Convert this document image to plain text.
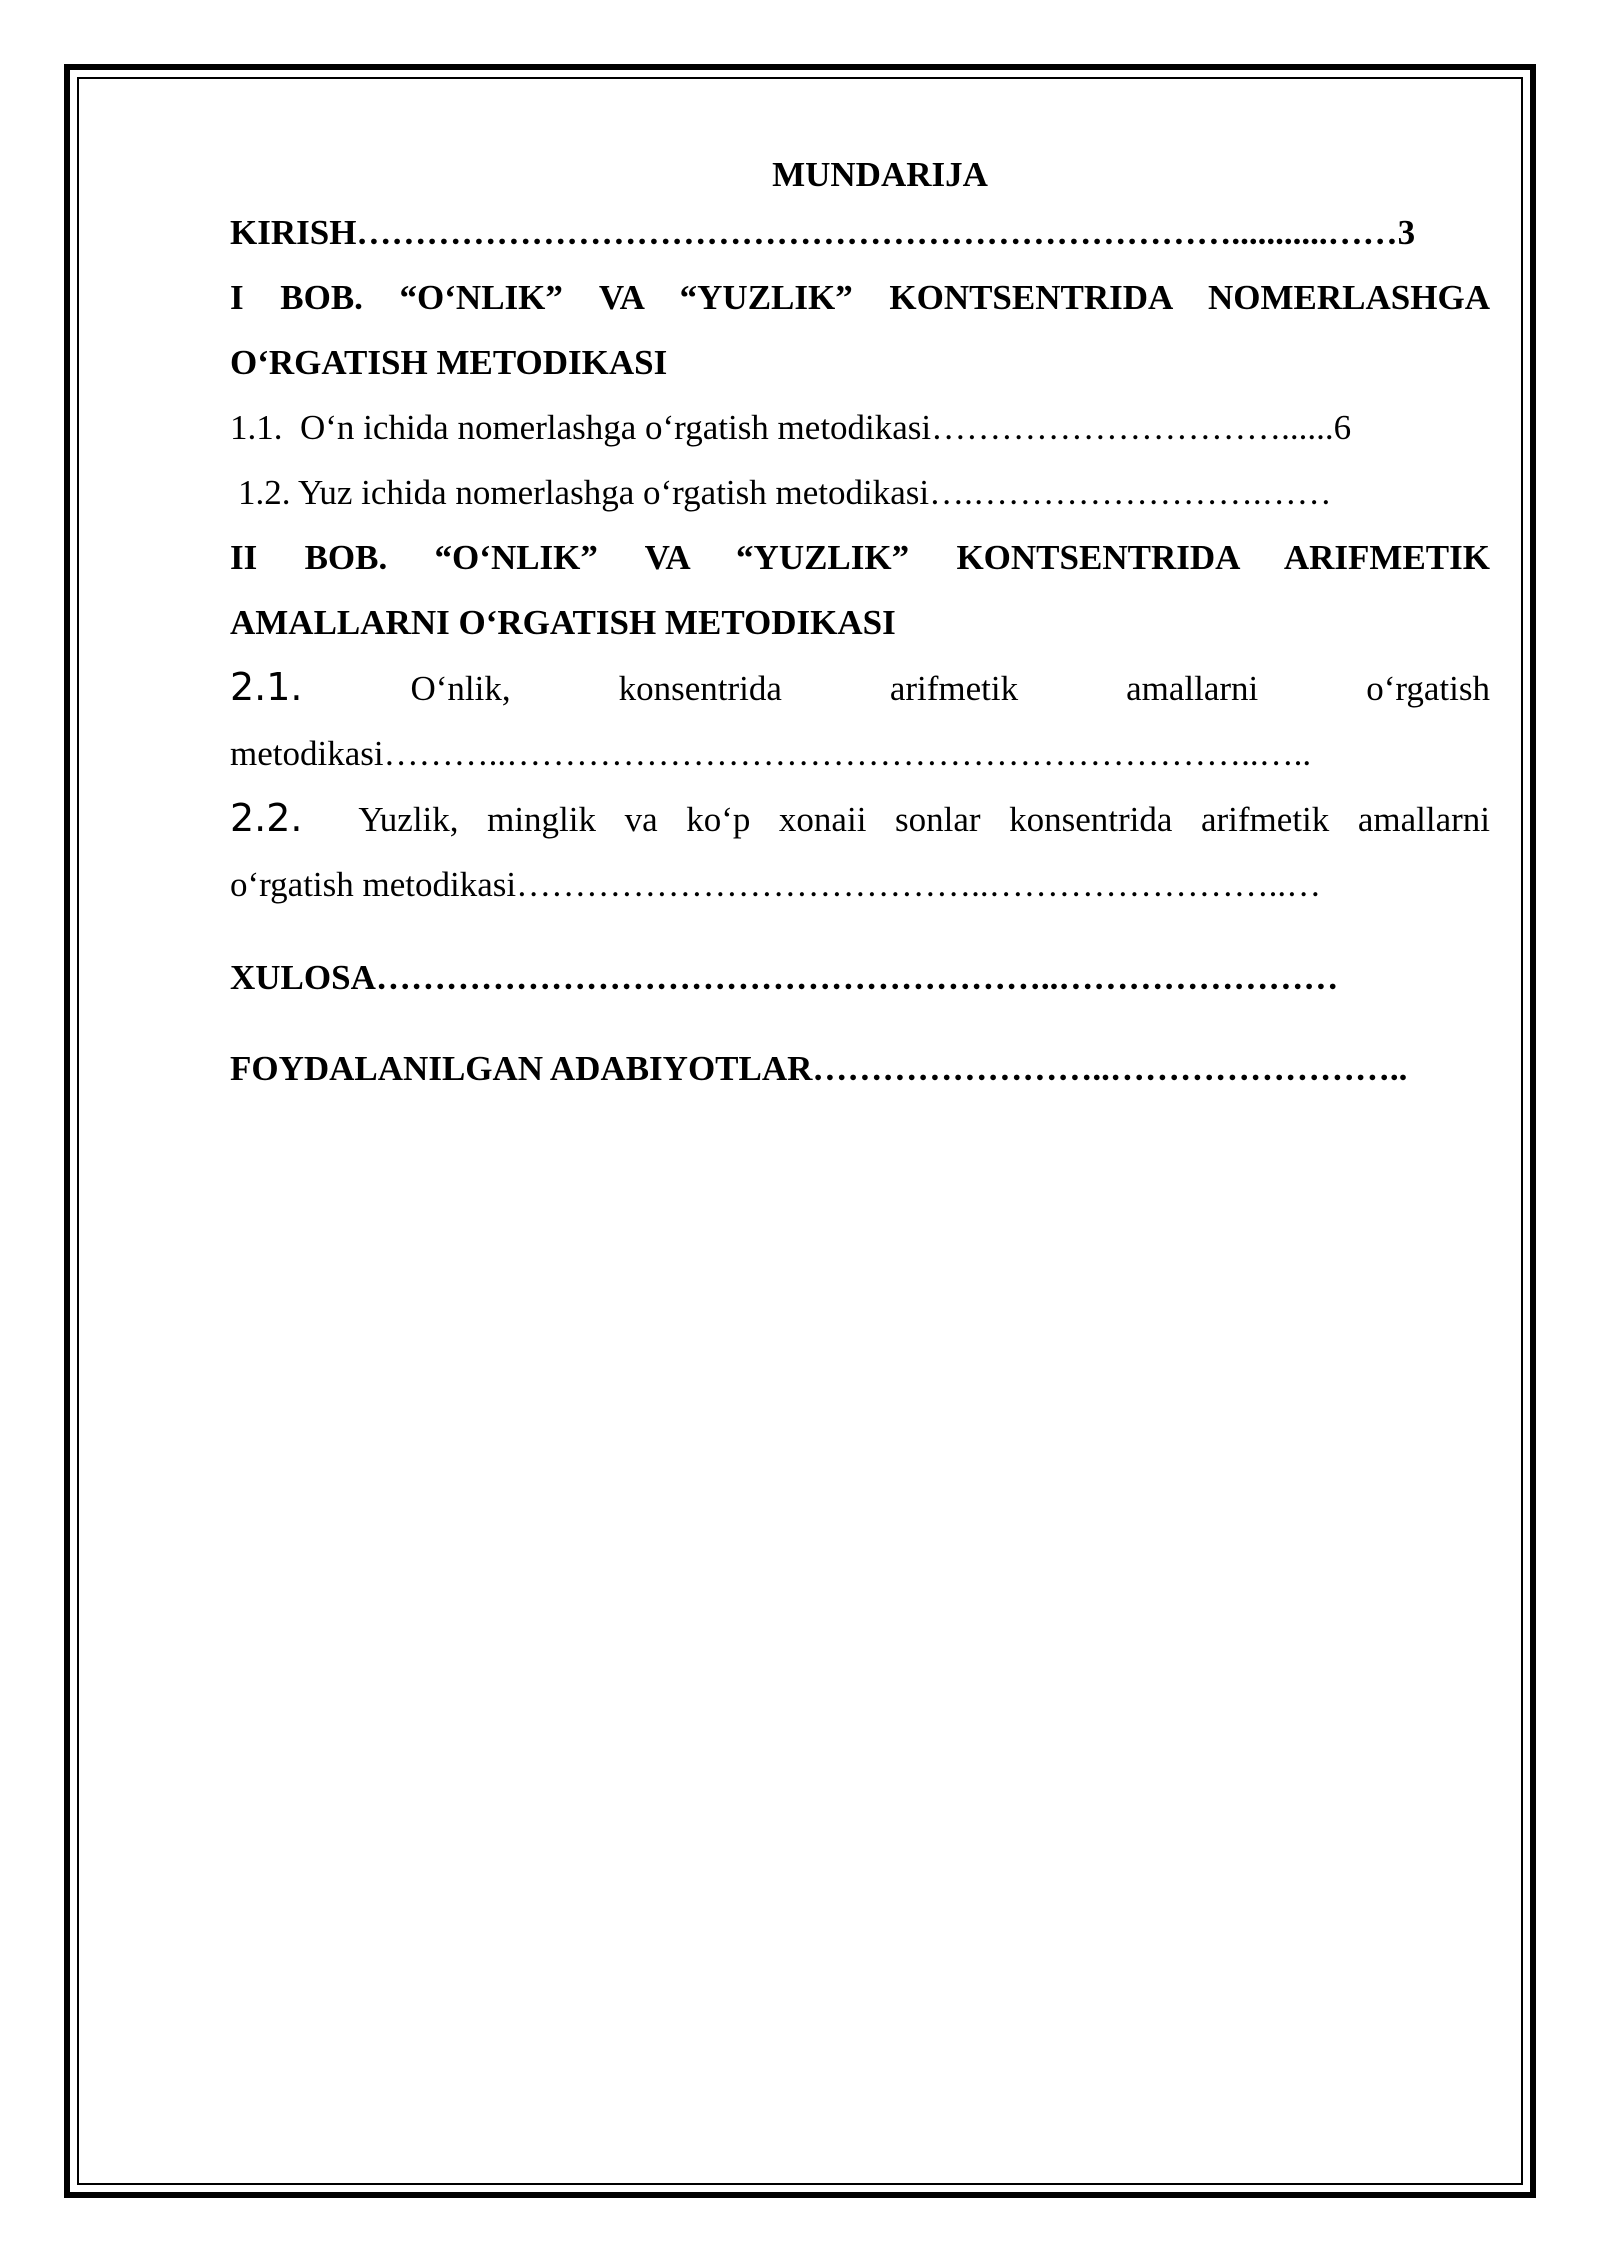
MUNDARIJA
KIRISH…………………………………………………………………...........……3
I BOB. “O‘NLIK” VA “YUZLIK” KONTSENTRIDA NOMERLASHGA
O‘RGATISH METODIKASI
1.1. O‘n ichida nomerlashga o‘rgatish metodikasi…………………………......6
1.2. Yuz ichida nomerlashga o‘rgatish metodikasi….…………………….……
II BOB. “O‘NLIK” VA “YUZLIK” KONTSENTRIDA ARIFMETIK
AMALLARNI O‘RGATISH METODIKASI
2.1.	O‘nlik, konsentrida arifmetik amallarni o‘rgatish
metodikasi………..………………………………………………………..…..
2.2. Yuzlik, minglik va ko‘p xonaii sonlar konsentrida arifmetik amallarni
o‘rgatish metodikasi…………………………………..……………………..…
XULOSA…………………………………………………..……………………
FOYDALANILGAN ADABIYOTLAR……………………..……………………..
